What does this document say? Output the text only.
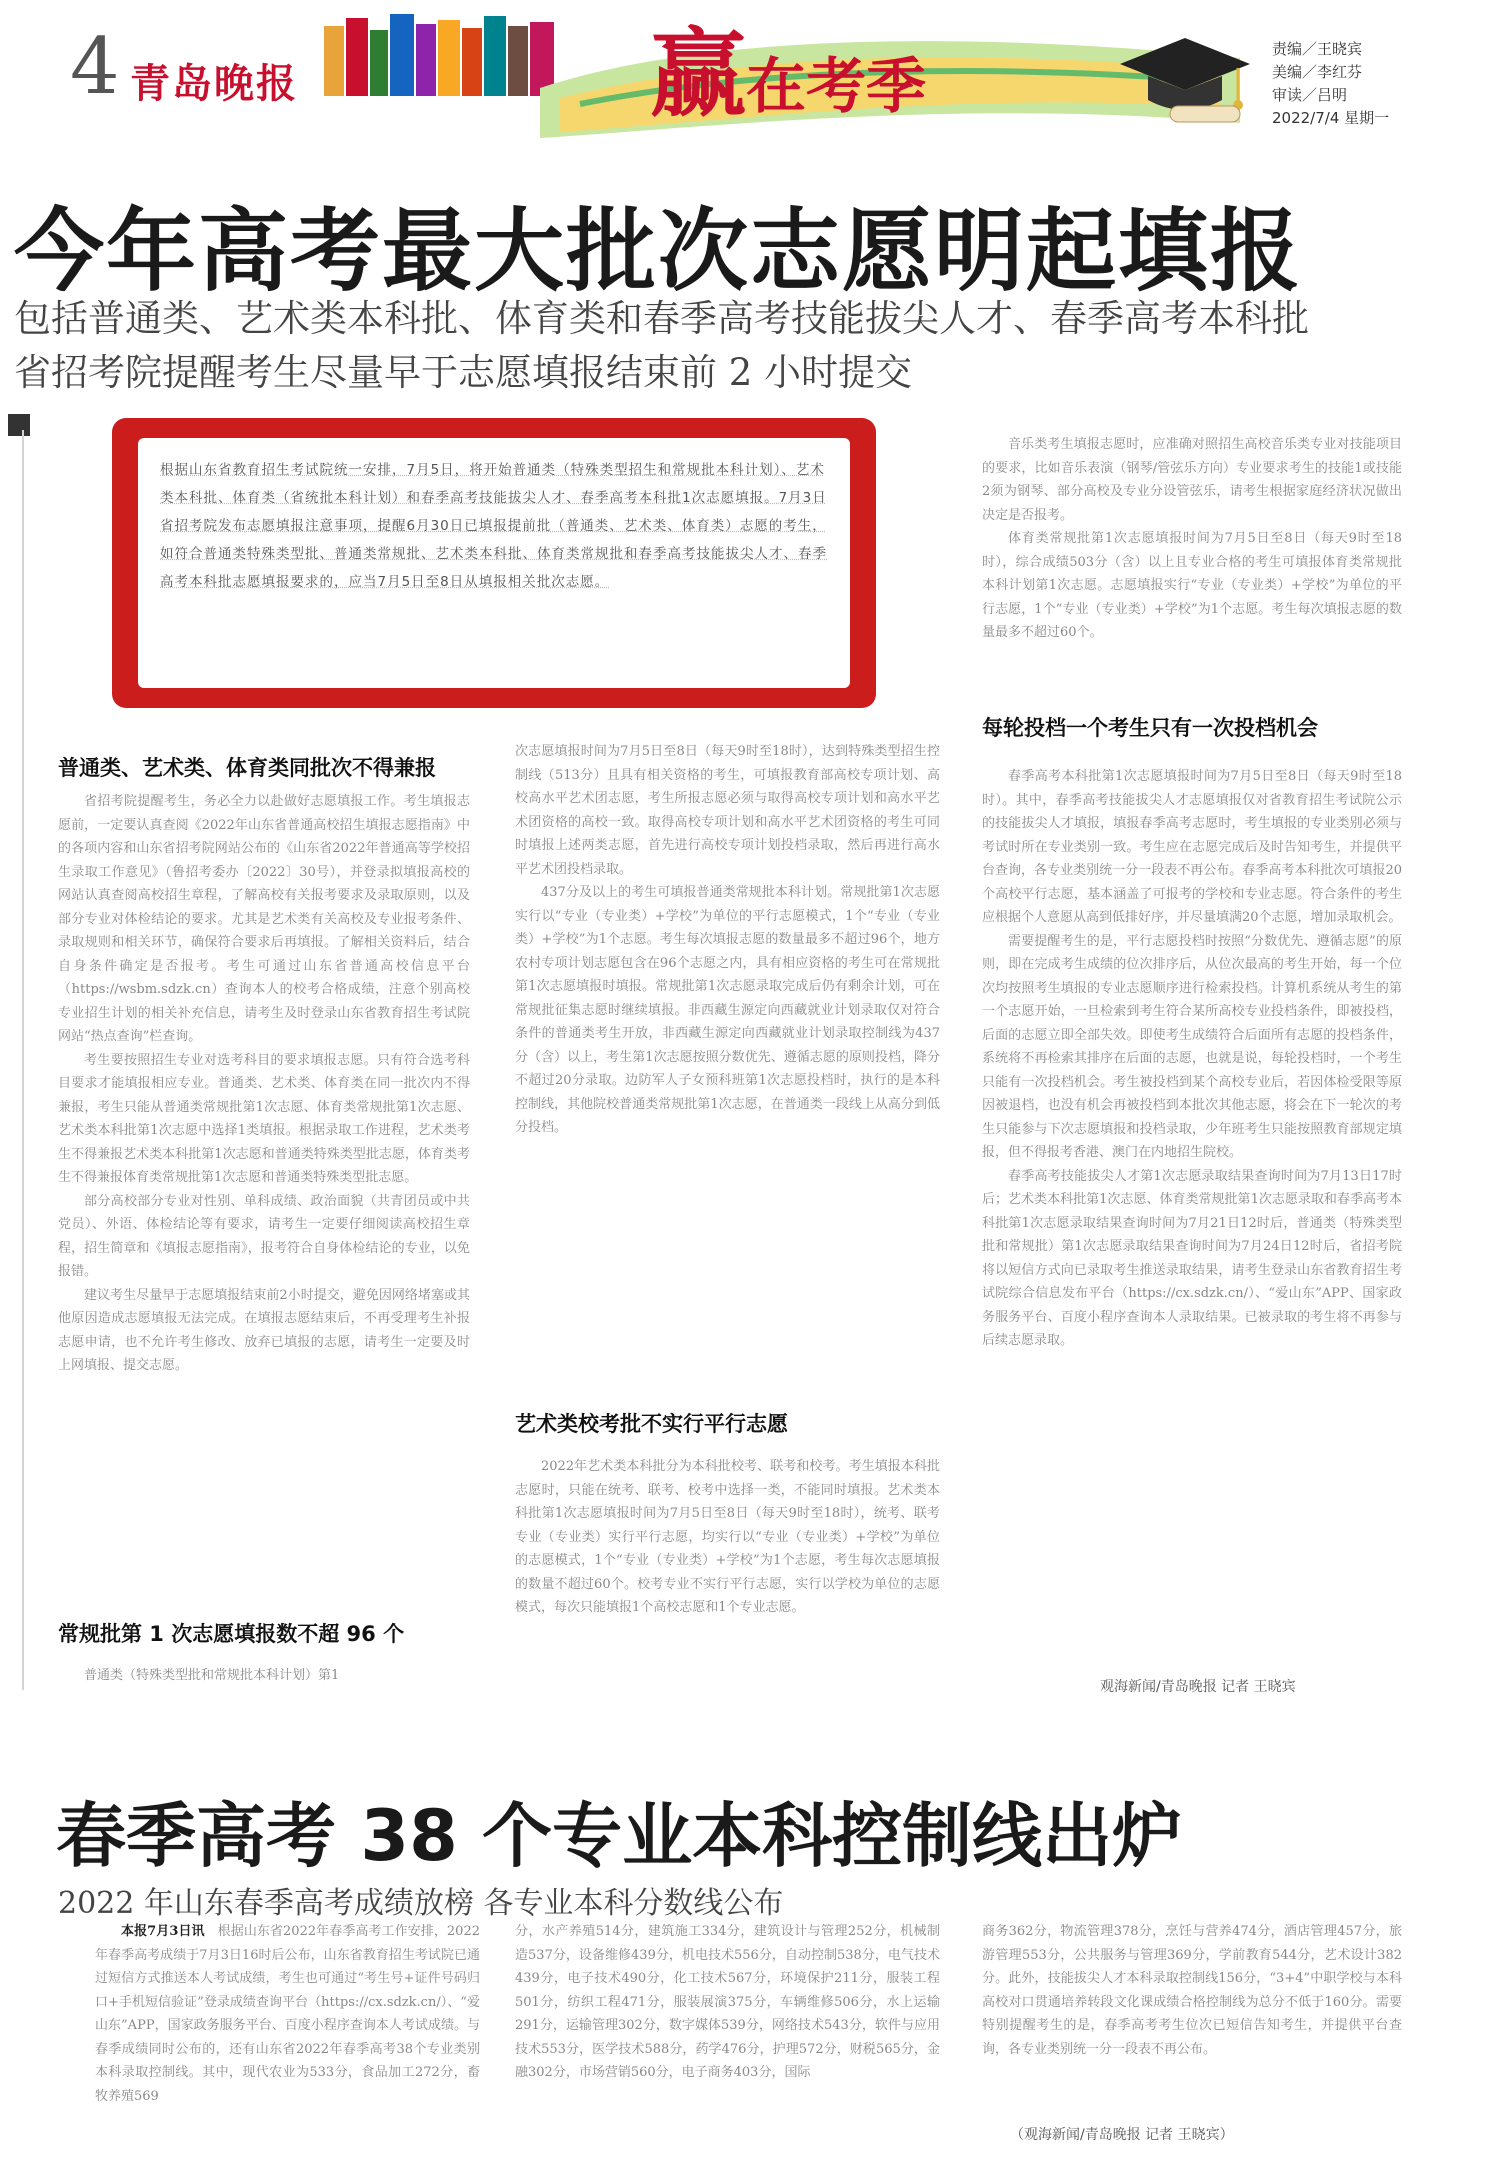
4 青岛晚报	赢在考季
责编／王晓宾
美编／李红芬
审读／吕明
2022/7/4 星期一
今年高考最大批次志愿明起填报
包括普通类、艺术类本科批、体育类和春季高考技能拔尖人才、春季高考本科批
省招考院提醒考生尽量早于志愿填报结束前 2 小时提交
根据山东省教育招生考试院统一安排，7月5日，将开始普通类（特殊类型招生和常规批本科计划）、艺术类本科批、体育类（省统批本科计划）和春季高考技能拔尖人才、春季高考本科批1次志愿填报。7月3日省招考院发布志愿填报注意事项，提醒6月30日已填报提前批（普通类、艺术类、体育类）志愿的考生，如符合普通类特殊类型批、普通类常规批、艺术类本科批、体育类常规批和春季高考技能拔尖人才、春季高考本科批志愿填报要求的，应当7月5日至8日从填报相关批次志愿。
普通类、艺术类、体育类同批次不得兼报

省招考院提醒考生，务必全力以赴做好志愿填报工作。考生填报志愿前，一定要认真查阅《2022年山东省普通高校招生填报志愿指南》中的各项内容和山东省招考院网站公布的《山东省2022年普通高等学校招生录取工作意见》（鲁招考委办〔2022〕30号），并登录拟填报高校的网站认真查阅高校招生章程，了解高校有关报考要求及录取原则，以及部分专业对体检结论的要求。尤其是艺术类有关高校及专业报考条件、录取规则和相关环节，确保符合要求后再填报。了解相关资料后，结合自身条件确定是否报考。考生可通过山东省普通高校信息平台（https://wsbm.sdzk.cn）查询本人的校考合格成绩，注意个别高校专业招生计划的相关补充信息，请考生及时登录山东省教育招生考试院网站“热点查询”栏查询。

考生要按照招生专业对选考科目的要求填报志愿。只有符合选考科目要求才能填报相应专业。普通类、艺术类、体育类在同一批次内不得兼报，考生只能从普通类常规批第1次志愿、体育类常规批第1次志愿、艺术类本科批第1次志愿中选择1类填报。根据录取工作进程，艺术类考生不得兼报艺术类本科批第1次志愿和普通类特殊类型批志愿，体育类考生不得兼报体育类常规批第1次志愿和普通类特殊类型批志愿。

部分高校部分专业对性别、单科成绩、政治面貌（共青团员或中共党员）、外语、体检结论等有要求，请考生一定要仔细阅读高校招生章程，招生简章和《填报志愿指南》，报考符合自身体检结论的专业，以免报错。

建议考生尽量早于志愿填报结束前2小时提交，避免因网络堵塞或其他原因造成志愿填报无法完成。在填报志愿结束后，不再受理考生补报志愿申请，也不允许考生修改、放弃已填报的志愿，请考生一定要及时上网填报、提交志愿。

常规批第 1 次志愿填报数不超 96 个

普通类（特殊类型批和常规批本科计划）第1

次志愿填报时间为7月5日至8日（每天9时至18时），达到特殊类型招生控制线（513分）且具有相关资格的考生，可填报教育部高校专项计划、高校高水平艺术团志愿，考生所报志愿必须与取得高校专项计划和高水平艺术团资格的高校一致。取得高校专项计划和高水平艺术团资格的考生可同时填报上述两类志愿，首先进行高校专项计划投档录取，然后再进行高水平艺术团投档录取。

437分及以上的考生可填报普通类常规批本科计划。常规批第1次志愿实行以“专业（专业类）+学校”为单位的平行志愿模式，1个“专业（专业类）+学校”为1个志愿。考生每次填报志愿的数量最多不超过96个，地方农村专项计划志愿包含在96个志愿之内，具有相应资格的考生可在常规批第1次志愿填报时填报。常规批第1次志愿录取完成后仍有剩余计划，可在常规批征集志愿时继续填报。非西藏生源定向西藏就业计划录取仅对符合条件的普通类考生开放，非西藏生源定向西藏就业计划录取控制线为437分（含）以上，考生第1次志愿按照分数优先、遵循志愿的原则投档，降分不超过20分录取。边防军人子女预科班第1次志愿投档时，执行的是本科控制线，其他院校普通类常规批第1次志愿，在普通类一段线上从高分到低分投档。

艺术类校考批不实行平行志愿

2022年艺术类本科批分为本科批校考、联考和校考。考生填报本科批志愿时，只能在统考、联考、校考中选择一类，不能同时填报。艺术类本科批第1次志愿填报时间为7月5日至8日（每天9时至18时），统考、联考专业（专业类）实行平行志愿，均实行以“专业（专业类）+学校”为单位的志愿模式，1个“专业（专业类）+学校”为1个志愿，考生每次志愿填报的数量不超过60个。校考专业不实行平行志愿，实行以学校为单位的志愿模式，每次只能填报1个高校志愿和1个专业志愿。

音乐类考生填报志愿时，应准确对照招生高校音乐类专业对技能项目的要求，比如音乐表演（钢琴/管弦乐方向）专业要求考生的技能1或技能2须为钢琴、部分高校及专业分设管弦乐，请考生根据家庭经济状况做出决定是否报考。

体育类常规批第1次志愿填报时间为7月5日至8日（每天9时至18时），综合成绩503分（含）以上且专业合格的考生可填报体育类常规批本科计划第1次志愿。志愿填报实行“专业（专业类）+学校”为单位的平行志愿，1个“专业（专业类）+学校”为1个志愿。考生每次填报志愿的数量最多不超过60个。

每轮投档一个考生只有一次投档机会

春季高考本科批第1次志愿填报时间为7月5日至8日（每天9时至18时）。其中，春季高考技能拔尖人才志愿填报仅对省教育招生考试院公示的技能拔尖人才填报，填报春季高考志愿时，考生填报的专业类别必须与考试时所在专业类别一致。考生应在志愿完成后及时告知考生，并提供平台查询，各专业类别统一分一段表不再公布。春季高考本科批次可填报20个高校平行志愿，基本涵盖了可报考的学校和专业志愿。符合条件的考生应根据个人意愿从高到低排好序，并尽量填满20个志愿，增加录取机会。

需要提醒考生的是，平行志愿投档时按照“分数优先、遵循志愿”的原则，即在完成考生成绩的位次排序后，从位次最高的考生开始，每一个位次均按照考生填报的专业志愿顺序进行检索投档。计算机系统从考生的第一个志愿开始，一旦检索到考生符合某所高校专业投档条件，即被投档，后面的志愿立即全部失效。即使考生成绩符合后面所有志愿的投档条件，系统将不再检索其排序在后面的志愿，也就是说，每轮投档时，一个考生只能有一次投档机会。考生被投档到某个高校专业后，若因体检受限等原因被退档，也没有机会再被投档到本批次其他志愿，将会在下一轮次的考生只能参与下次志愿填报和投档录取，少年班考生只能按照教育部规定填报，但不得报考香港、澳门在内地招生院校。

春季高考技能拔尖人才第1次志愿录取结果查询时间为7月13日17时后；艺术类本科批第1次志愿、体育类常规批第1次志愿录取和春季高考本科批第1次志愿录取结果查询时间为7月21日12时后，普通类（特殊类型批和常规批）第1次志愿录取结果查询时间为7月24日12时后，省招考院将以短信方式向已录取考生推送录取结果，请考生登录山东省教育招生考试院综合信息发布平台（https://cx.sdzk.cn/）、“爱山东”APP、国家政务服务平台、百度小程序查询本人录取结果。已被录取的考生将不再参与后续志愿录取。

观海新闻/青岛晚报 记者 王晓宾
春季高考 38 个专业本科控制线出炉
2022 年山东春季高考成绩放榜 各专业本科分数线公布

本报7月3日讯　 根据山东省2022年春季高考工作安排，2022年春季高考成绩于7月3日16时后公布，山东省教育招生考试院已通过短信方式推送本人考试成绩，考生也可通过“考生号+证件号码归口+手机短信验证”登录成绩查询平台（https://cx.sdzk.cn/）、“爱山东”APP，国家政务服务平台、百度小程序查询本人考试成绩。与春季成绩同时公布的，还有山东省2022年春季高考38个专业类别本科录取控制线。其中，现代农业为533分，食品加工272分，畜牧养殖569

分，水产养殖514分，建筑施工334分，建筑设计与管理252分，机械制造537分，设备维修439分，机电技术556分，自动控制538分，电气技术439分，电子技术490分，化工技术567分，环境保护211分，服装工程501分，纺织工程471分，服装展演375分，车辆维修506分，水上运输291分，运输管理302分，数字媒体539分，网络技术543分，软件与应用技术553分，医学技术588分，药学476分，护理572分，财税565分，金融302分，市场营销560分，电子商务403分，国际

商务362分，物流管理378分，烹饪与营养474分，酒店管理457分，旅游管理553分，公共服务与管理369分，学前教育544分，艺术设计382分。此外，技能拔尖人才本科录取控制线156分，“3+4”中职学校与本科高校对口贯通培养转段文化课成绩合格控制线为总分不低于160分。需要特别提醒考生的是，春季高考考生位次已短信告知考生，并提供平台查询，各专业类别统一分一段表不再公布。

（观海新闻/青岛晚报 记者 王晓宾）
